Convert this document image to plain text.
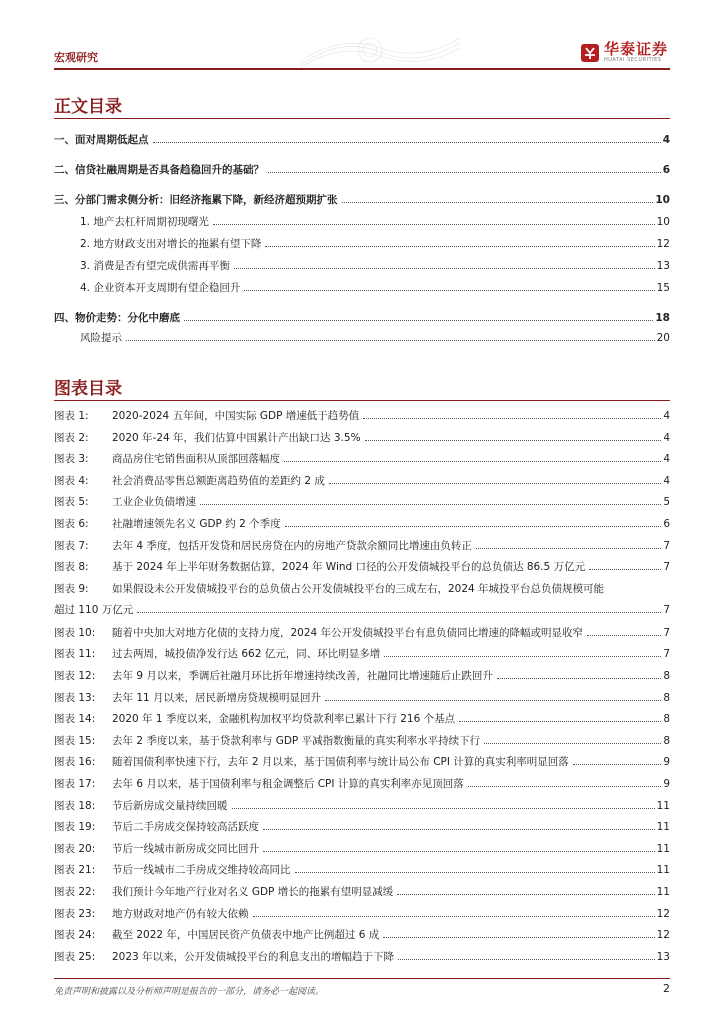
宏观研究	华泰证券
HUATAI SECURITIES
正文目录
一、面对周期低起点	4
二、信贷社融周期是否具备趋稳回升的基础？	6
三、分部门需求侧分析：旧经济拖累下降，新经济超预期扩张	10
1. 地产去杠杆周期初现曙光	10
2. 地方财政支出对增长的拖累有望下降	12
3. 消费是否有望完成供需再平衡	13
4. 企业资本开支周期有望企稳回升	15
四、物价走势：分化中磨底	18
风险提示	20
图表目录
图表 1:	2020-2024 五年间，中国实际 GDP 增速低于趋势值	4
图表 2:	2020 年-24 年，我们估算中国累计产出缺口达 3.5%	4
图表 3:	商品房住宅销售面积从顶部回落幅度	4
图表 4:	社会消费品零售总额距离趋势值的差距约 2 成	4
图表 5:	工业企业负债增速	5
图表 6:	社融增速领先名义 GDP 约 2 个季度	6
图表 7:	去年 4 季度，包括开发贷和居民房贷在内的房地产贷款余额同比增速由负转正	7
图表 8:	基于 2024 年上半年财务数据估算，2024 年 Wind 口径的公开发债城投平台的总负债达 86.5 万亿元	7
图表 9:	如果假设未公开发债城投平台的总负债占公开发债城投平台的三成左右，2024 年城投平台总负债规模可能
超过 110 万亿元	7
图表 10:	随着中央加大对地方化债的支持力度，2024 年公开发债城投平台有息负债同比增速的降幅或明显收窄	7
图表 11:	过去两周，城投债净发行达 662 亿元，同、环比明显多增	7
图表 12:	去年 9 月以来，季调后社融月环比折年增速持续改善，社融同比增速随后止跌回升	8
图表 13:	去年 11 月以来，居民新增房贷规模明显回升	8
图表 14:	2020 年 1 季度以来，金融机构加权平均贷款利率已累计下行 216 个基点	8
图表 15:	去年 2 季度以来，基于贷款利率与 GDP 平减指数衡量的真实利率水平持续下行	8
图表 16:	随着国债利率快速下行，去年 2 月以来，基于国债利率与统计局公布 CPI 计算的真实利率明显回落	9
图表 17:	去年 6 月以来，基于国债利率与租金调整后 CPI 计算的真实利率亦见顶回落	9
图表 18:	节后新房成交量持续回暖	11
图表 19:	节后二手房成交保持较高活跃度	11
图表 20:	节后一线城市新房成交同比回升	11
图表 21:	节后一线城市二手房成交维持较高同比	11
图表 22:	我们预计今年地产行业对名义 GDP 增长的拖累有望明显减缓	11
图表 23:	地方财政对地产仍有较大依赖	12
图表 24:	截至 2022 年，中国居民资产负债表中地产比例超过 6 成	12
图表 25:	2023 年以来，公开发债城投平台的利息支出的增幅趋于下降	13
免责声明和披露以及分析师声明是报告的一部分，请务必一起阅读。	2
